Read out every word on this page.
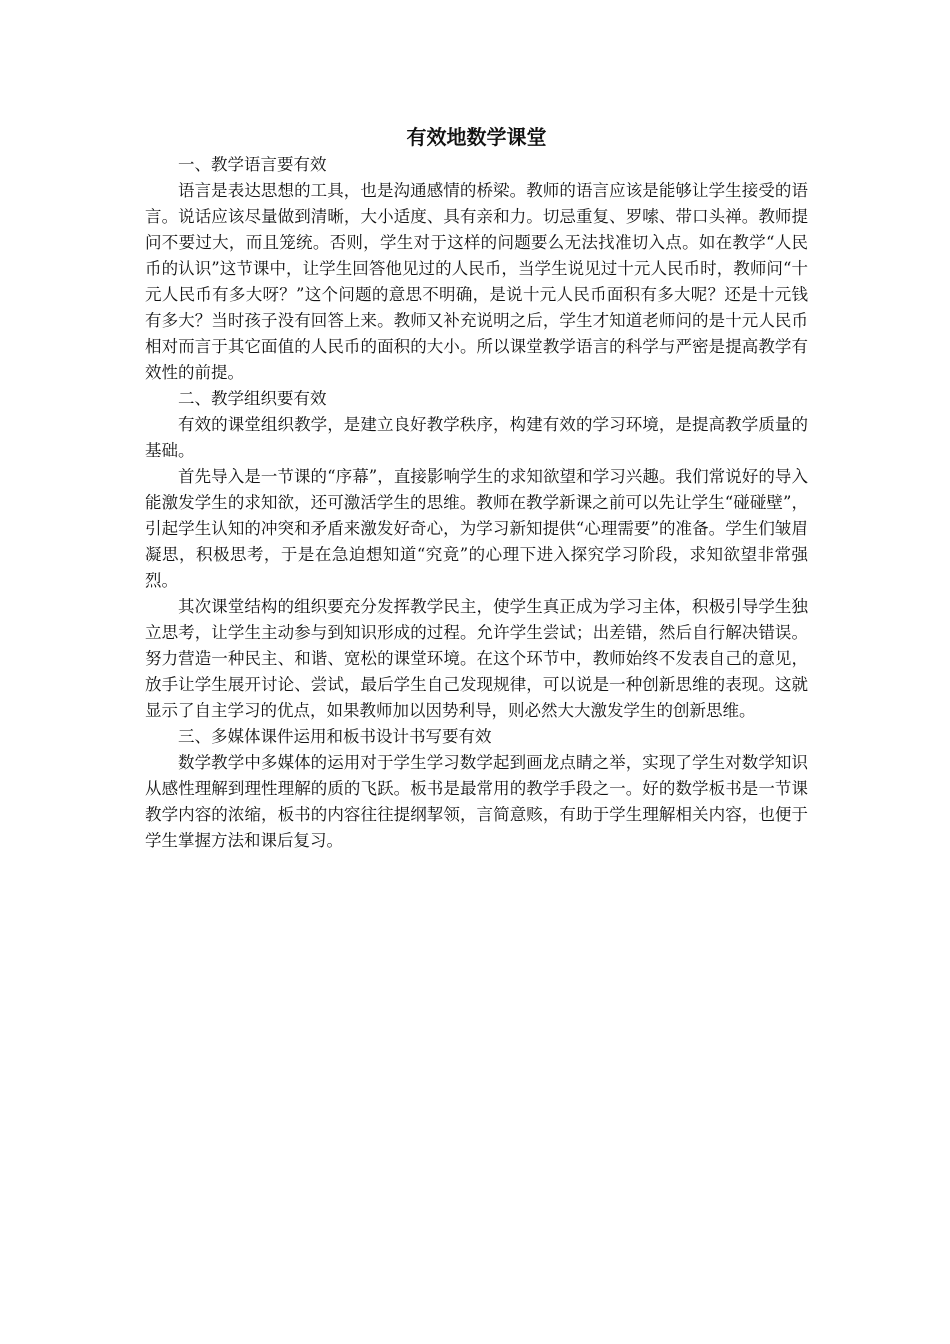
有效地数学课堂

一、教学语言要有效

语言是表达思想的工具，也是沟通感情的桥梁。教师的语言应该是能够让学生接受的语言。说话应该尽量做到清晰，大小适度、具有亲和力。切忌重复、罗嗦、带口头禅。教师提问不要过大，而且笼统。否则，学生对于这样的问题要么无法找准切入点。如在教学“人民币的认识”这节课中，让学生回答他见过的人民币，当学生说见过十元人民币时，教师问“十元人民币有多大呀？”这个问题的意思不明确，是说十元人民币面积有多大呢？还是十元钱有多大？当时孩子没有回答上来。教师又补充说明之后，学生才知道老师问的是十元人民币相对而言于其它面值的人民币的面积的大小。所以课堂教学语言的科学与严密是提高教学有效性的前提。

二、教学组织要有效

有效的课堂组织教学，是建立良好教学秩序，构建有效的学习环境，是提高教学质量的基础。

首先导入是一节课的“序幕”，直接影响学生的求知欲望和学习兴趣。我们常说好的导入能激发学生的求知欲，还可激活学生的思维。教师在教学新课之前可以先让学生“碰碰壁”，引起学生认知的冲突和矛盾来激发好奇心，为学习新知提供“心理需要”的准备。学生们皱眉凝思，积极思考，于是在急迫想知道“究竟”的心理下进入探究学习阶段，求知欲望非常强烈。

其次课堂结构的组织要充分发挥教学民主，使学生真正成为学习主体，积极引导学生独立思考，让学生主动参与到知识形成的过程。允许学生尝试；出差错，然后自行解决错误。努力营造一种民主、和谐、宽松的课堂环境。在这个环节中，教师始终不发表自己的意见，放手让学生展开讨论、尝试，最后学生自己发现规律，可以说是一种创新思维的表现。这就显示了自主学习的优点，如果教师加以因势利导，则必然大大激发学生的创新思维。

三、多媒体课件运用和板书设计书写要有效

数学教学中多媒体的运用对于学生学习数学起到画龙点睛之举，实现了学生对数学知识从感性理解到理性理解的质的飞跃。板书是最常用的教学手段之一。好的数学板书是一节课教学内容的浓缩，板书的内容往往提纲挈领，言简意赅，有助于学生理解相关内容，也便于学生掌握方法和课后复习。
